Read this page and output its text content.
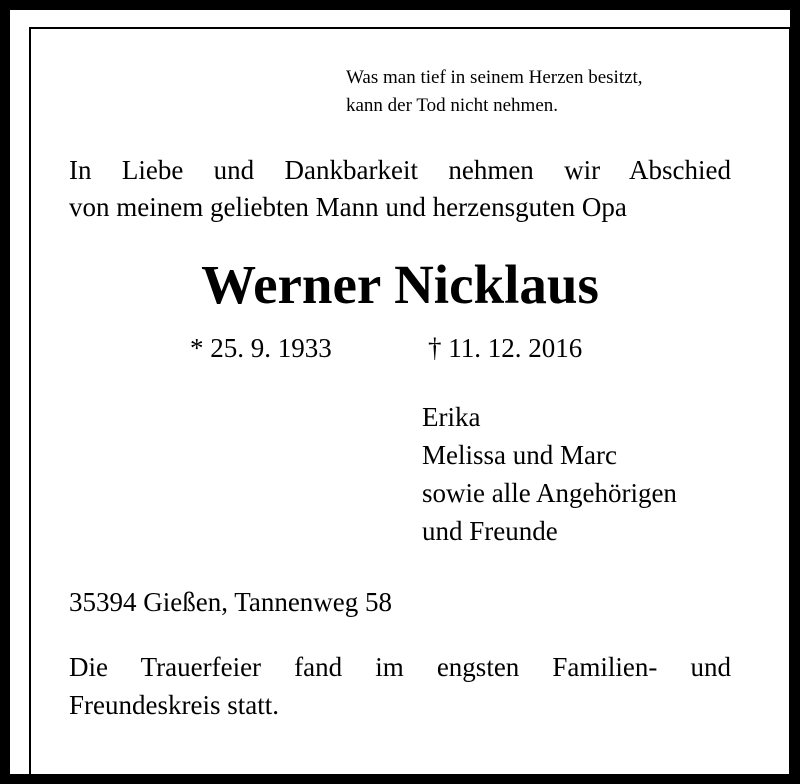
Was man tief in seinem Herzen besitzt,
kann der Tod nicht nehmen.
In Liebe und Dankbarkeit nehmen wir Abschied
von meinem geliebten Mann und herzensguten Opa
Werner Nicklaus
* 25. 9. 1933	† 11. 12. 2016
Erika
Melissa und Marc
sowie alle Angehörigen
und Freunde
35394 Gießen, Tannenweg 58
Die Trauerfeier fand im engsten Familien- und
Freundeskreis statt.
